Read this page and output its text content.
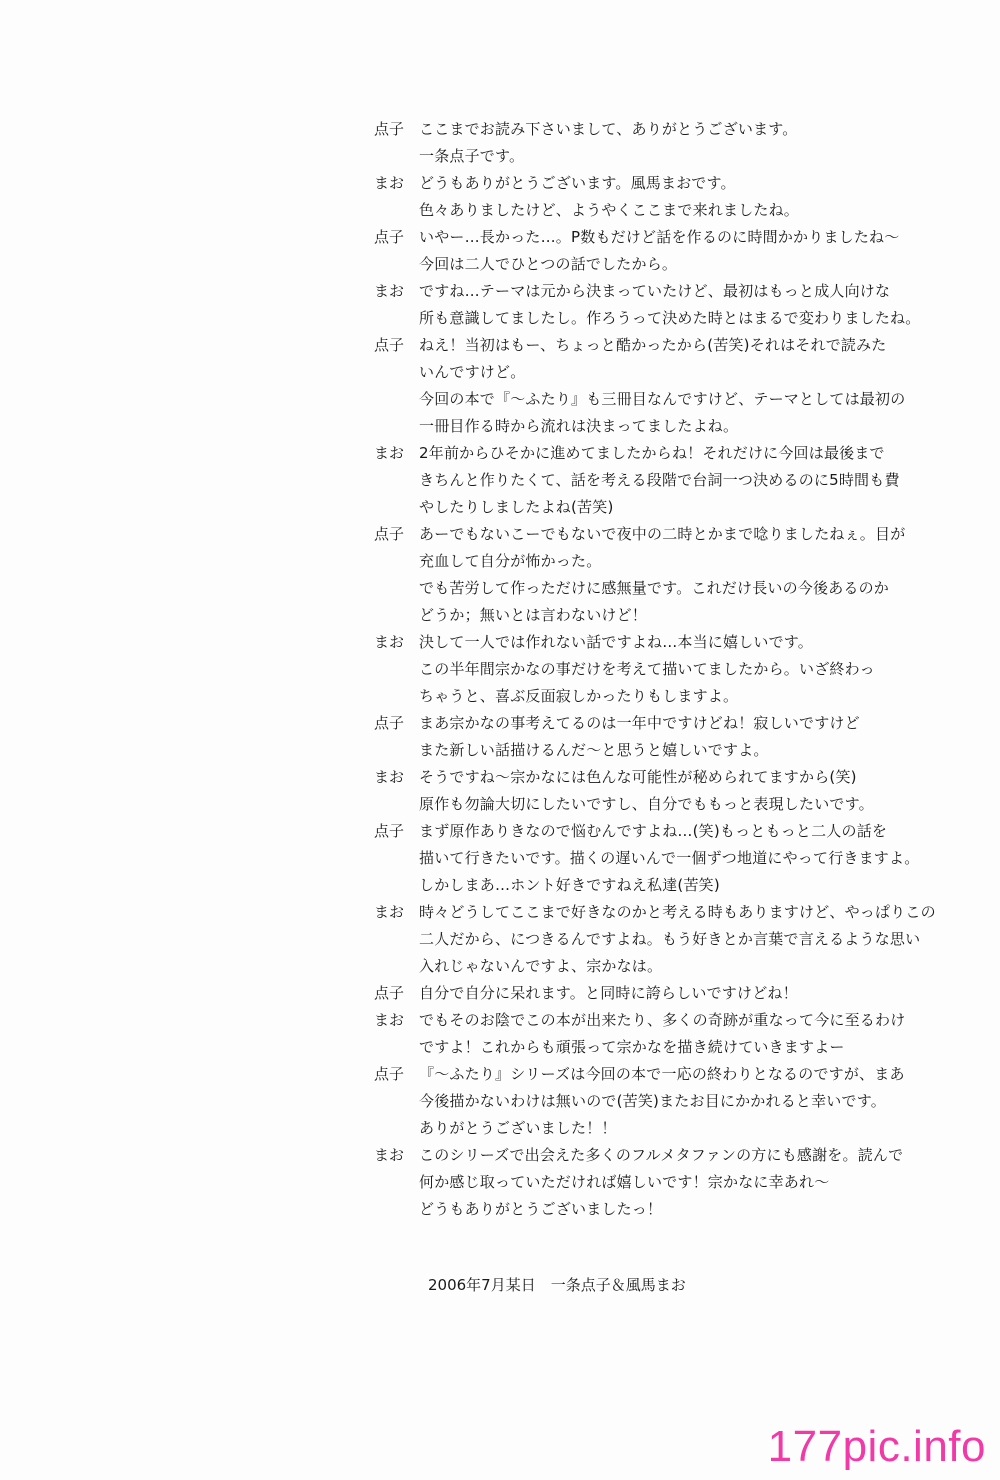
点子 ここまでお読み下さいまして、ありがとうございます。
一条点子です。
まお どうもありがとうございます。風馬まおです。
色々ありましたけど、ようやくここまで来れましたね。
点子 いやー…長かった…。P数もだけど話を作るのに時間かかりましたね～
今回は二人でひとつの話でしたから。
まお ですね…テーマは元から決まっていたけど、最初はもっと成人向けな
所も意識してましたし。作ろうって決めた時とはまるで変わりましたね。
点子 ねえ！当初はもー、ちょっと酷かったから(苦笑)それはそれで読みた
いんですけど。
今回の本で『～ふたり』も三冊目なんですけど、テーマとしては最初の
一冊目作る時から流れは決まってましたよね。
まお 2年前からひそかに進めてましたからね！それだけに今回は最後まで
きちんと作りたくて、話を考える段階で台詞一つ決めるのに5時間も費
やしたりしましたよね(苦笑)
点子 あーでもないこーでもないで夜中の二時とかまで唸りましたねぇ。目が
充血して自分が怖かった。
でも苦労して作っただけに感無量です。これだけ長いの今後あるのか
どうか；無いとは言わないけど！
まお 決して一人では作れない話ですよね…本当に嬉しいです。
この半年間宗かなの事だけを考えて描いてましたから。いざ終わっ
ちゃうと、喜ぶ反面寂しかったりもしますよ。
点子 まあ宗かなの事考えてるのは一年中ですけどね！寂しいですけど
また新しい話描けるんだ～と思うと嬉しいですよ。
まお そうですね～宗かなには色んな可能性が秘められてますから(笑)
原作も勿論大切にしたいですし、自分でももっと表現したいです。
点子 まず原作ありきなので悩むんですよね…(笑)もっともっと二人の話を
描いて行きたいです。描くの遅いんで一個ずつ地道にやって行きますよ。
しかしまあ…ホント好きですねえ私達(苦笑)
まお 時々どうしてここまで好きなのかと考える時もありますけど、やっぱりこの
二人だから、につきるんですよね。もう好きとか言葉で言えるような思い
入れじゃないんですよ、宗かなは。
点子 自分で自分に呆れます。と同時に誇らしいですけどね！
まお でもそのお陰でこの本が出来たり、多くの奇跡が重なって今に至るわけ
ですよ！これからも頑張って宗かなを描き続けていきますよー
点子 『～ふたり』シリーズは今回の本で一応の終わりとなるのですが、まあ
今後描かないわけは無いので(苦笑)またお目にかかれると幸いです。
ありがとうございました！！
まお このシリーズで出会えた多くのフルメタファンの方にも感謝を。読んで
何か感じ取っていただければ嬉しいです！宗かなに幸あれ～
どうもありがとうございましたっ！
2006年7月某日　一条点子＆風馬まお
177pic.info
